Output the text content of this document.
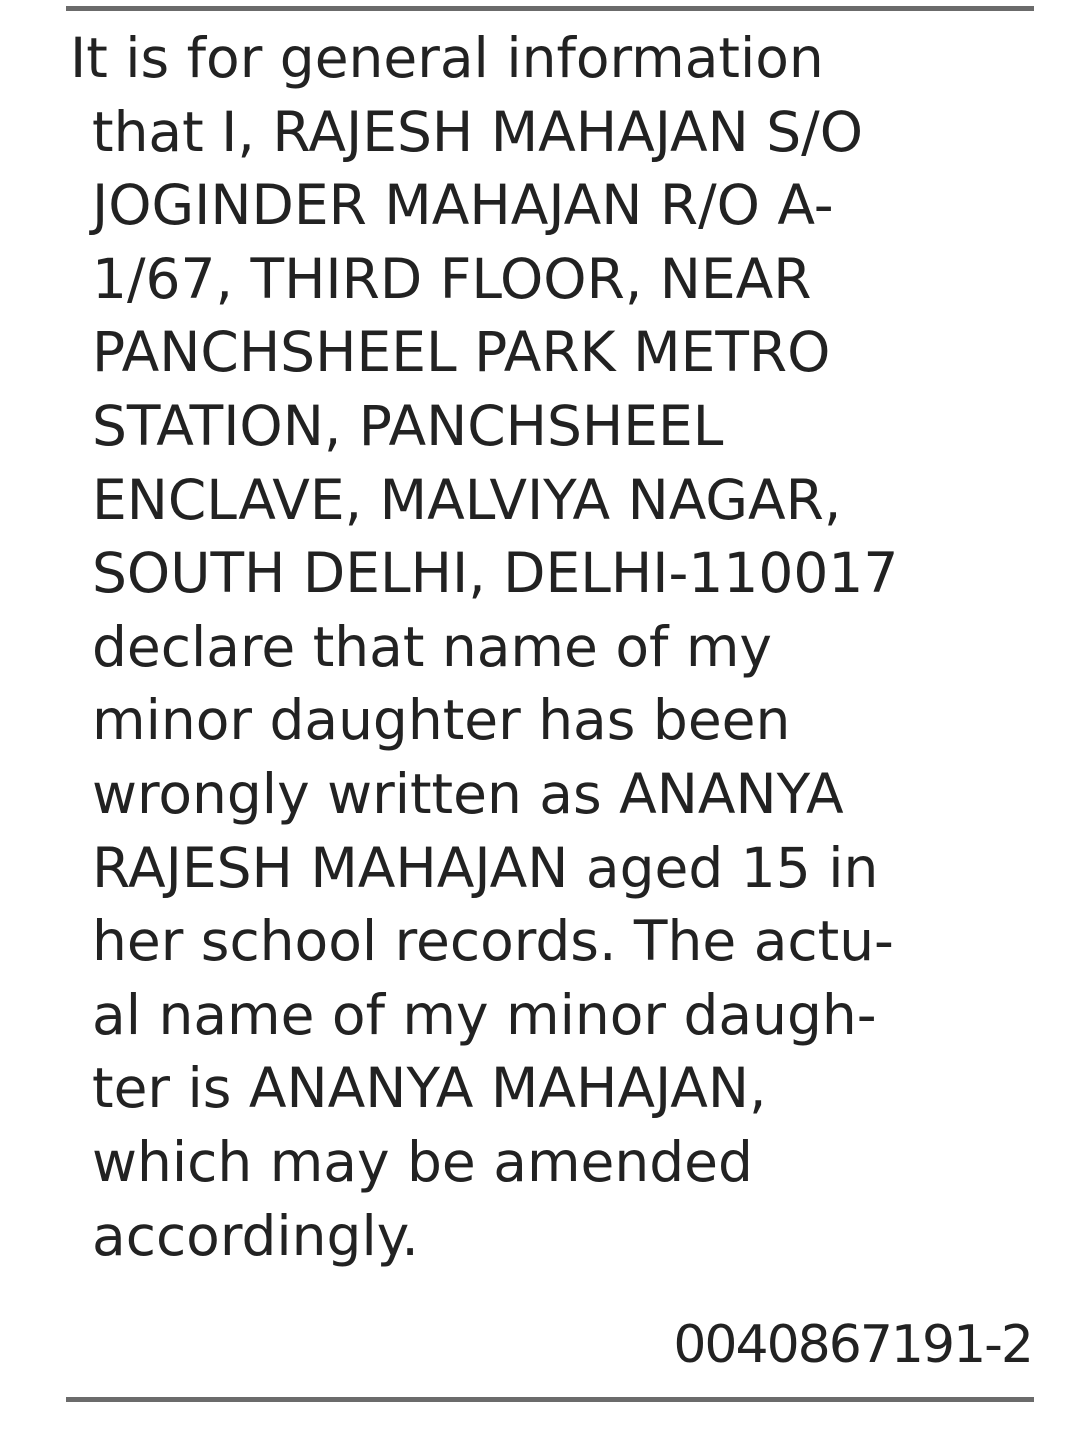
It is for general information
that I, RAJESH MAHAJAN S/O
JOGINDER MAHAJAN R/O A-
1/67, THIRD FLOOR, NEAR
PANCHSHEEL PARK METRO
STATION, PANCHSHEEL
ENCLAVE, MALVIYA NAGAR,
SOUTH DELHI, DELHI-110017
declare that name of my
minor daughter has been
wrongly written as ANANYA
RAJESH MAHAJAN aged 15 in
her school records. The actu-
al name of my minor daugh-
ter is ANANYA MAHAJAN,
which may be amended
accordingly.
0040867191-2
